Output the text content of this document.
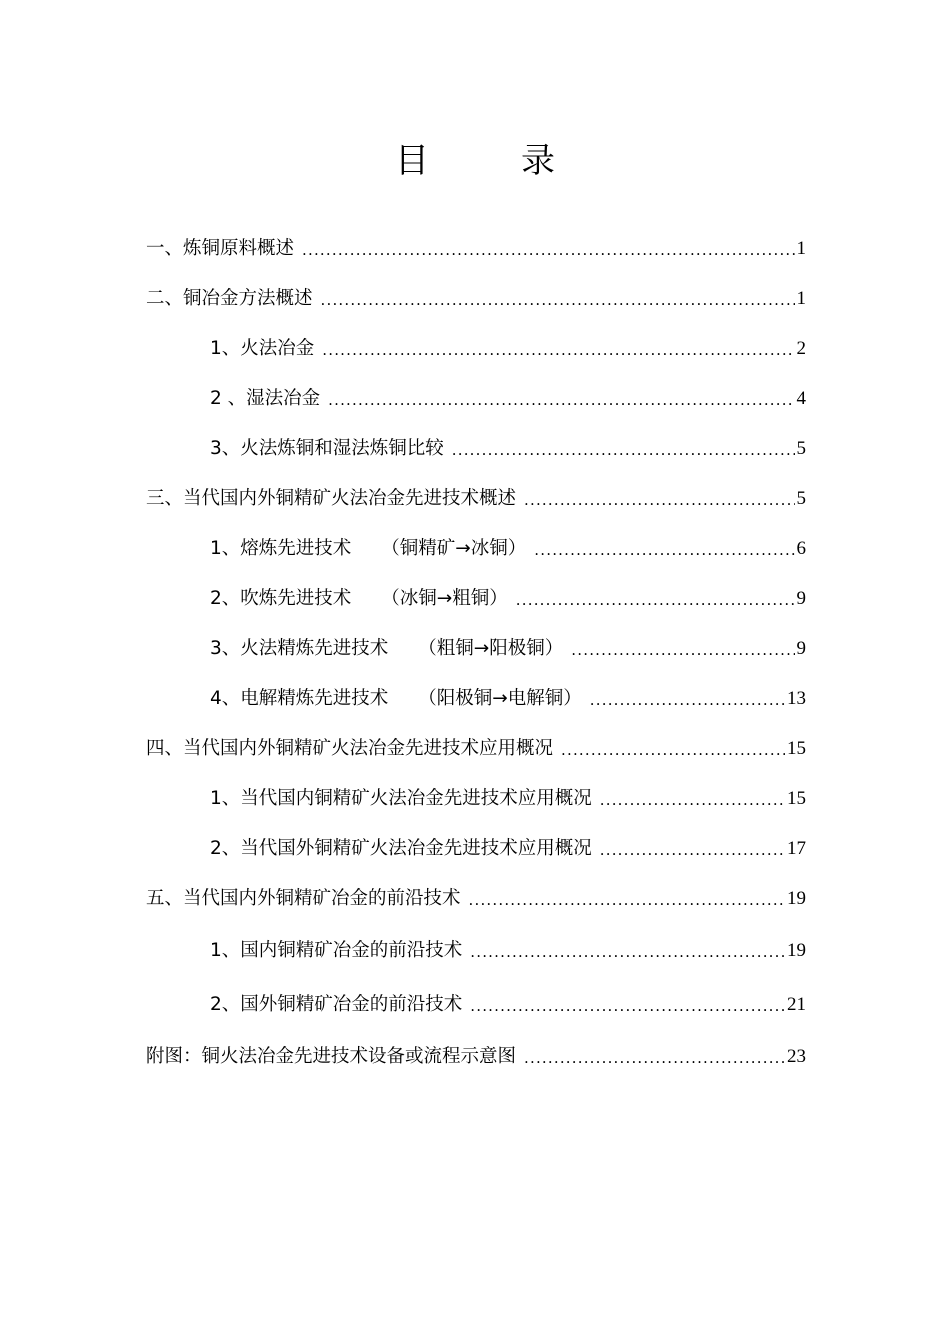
目	录
一、炼铜原料概述 .....	1
二、铜冶金方法概述 .....	1
1、火法冶金 .....	2
2 、湿法冶金 .....	4
3、火法炼铜和湿法炼铜比较 .....	5
三、当代国内外铜精矿火法冶金先进技术概述 .....	5
1、熔炼先进技术 （铜精矿→冰铜） .....	6
2、吹炼先进技术 （冰铜→粗铜） .....	9
3、火法精炼先进技术 （粗铜→阳极铜） .....	9
4、电解精炼先进技术 （阳极铜→电解铜） .....	13
四、当代国内外铜精矿火法冶金先进技术应用概况 .....	15
1、当代国内铜精矿火法冶金先进技术应用概况 .....	15
2、当代国外铜精矿火法冶金先进技术应用概况 .....	17
五、当代国内外铜精矿冶金的前沿技术 .....	19
1、国内铜精矿冶金的前沿技术 .....	19
2、国外铜精矿冶金的前沿技术 .....	21
附图：铜火法冶金先进技术设备或流程示意图 .....	23
